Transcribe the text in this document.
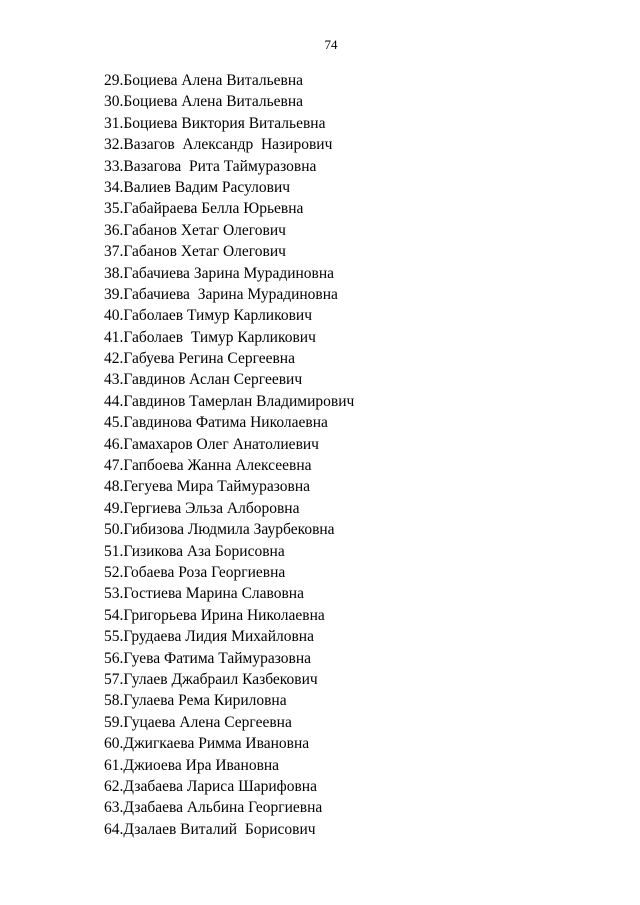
74
29.Боциева Алена Витальевна
30.Боциева Алена Витальевна
31.Боциева Виктория Витальевна
32.Вазагов  Александр  Назирович
33.Вазагова  Рита Таймуразовна
34.Валиев Вадим Расулович
35.Габайраева Белла Юрьевна
36.Габанов Хетаг Олегович
37.Габанов Хетаг Олегович
38.Габачиева Зарина Мурадиновна
39.Габачиева  Зарина Мурадиновна
40.Габолаев Тимур Карликович
41.Габолаев  Тимур Карликович
42.Габуева Регина Сергеевна
43.Гавдинов Аслан Сергеевич
44.Гавдинов Тамерлан Владимирович
45.Гавдинова Фатима Николаевна
46.Гамахаров Олег Анатолиевич
47.Гапбоева Жанна Алексеевна
48.Гегуева Мира Таймуразовна
49.Гергиева Эльза Алборовна
50.Гибизова Людмила Заурбековна
51.Гизикова Аза Борисовна
52.Гобаева Роза Георгиевна
53.Гостиева Марина Славовна
54.Григорьева Ирина Николаевна
55.Грудаева Лидия Михайловна
56.Гуева Фатима Таймуразовна
57.Гулаев Джабраил Казбекович
58.Гулаева Рема Кириловна
59.Гуцаева Алена Сергеевна
60.Джигкаева Римма Ивановна
61.Джиоева Ира Ивановна
62.Дзабаева Лариса Шарифовна
63.Дзабаева Альбина Георгиевна
64.Дзалаев Виталий  Борисович
